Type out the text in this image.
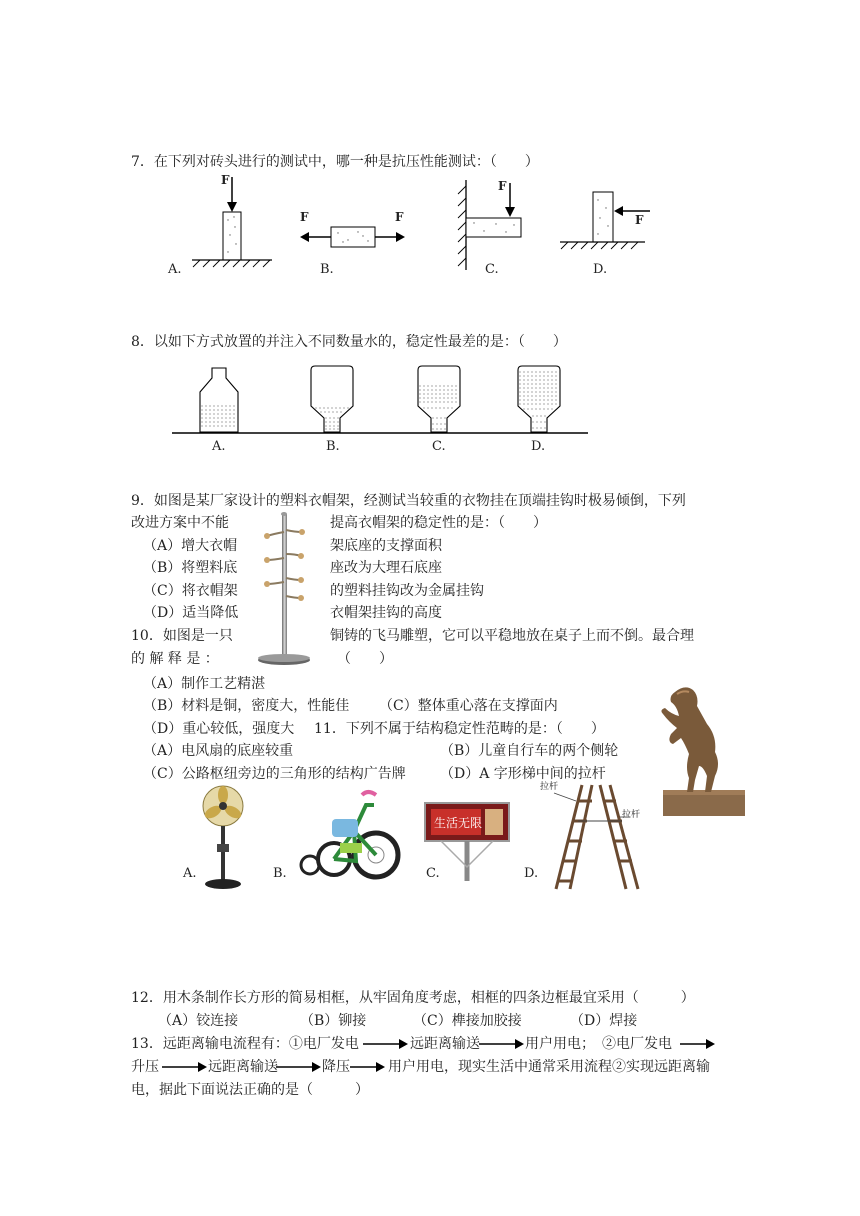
7．在下列对砖头进行的测试中，哪一种是抗压性能测试：（　　）
F
A.
F	F
B.
F
C.
F
D.
8．以如下方式放置的并注入不同数量水的，稳定性最差的是：（　　）
A.	B.	C.	D.
9．如图是某厂家设计的塑料衣帽架，经测试当较重的衣物挂在顶端挂钩时极易倾倒，下列
改进方案中不能	提高衣帽架的稳定性的是：（　　）
（A）增大衣帽	架底座的支撑面积
（B）将塑料底	座改为大理石底座
（C）将衣帽架	的塑料挂钩改为金属挂钩
（D）适当降低	衣帽架挂钩的高度
10．如图是一只	铜铸的飞马雕塑，它可以平稳地放在桌子上而不倒。最合理
的 解 释 是 ：	（　　）
（A）制作工艺精湛
（B）材料是铜，密度大，性能佳 （C）整体重心落在支撑面内
（D）重心较低，强度大 11．下列不属于结构稳定性范畴的是：（　　）
（A）电风扇的底座较重	（B）儿童自行车的两个侧轮
（C）公路枢纽旁边的三角形的结构广告牌 （D）A 字形梯中间的拉杆
A.	B.
生活无限
C.
拉杆
拉杆
D.
12．用木条制作长方形的简易相框，从牢固角度考虑，相框的四条边框最宜采用（　　　）
（A）铰连接	（B）铆接	（C）榫接加胶接	（D）焊接
13．远距离输电流程有：①电厂发电	远距离输送	用户用电；　②电厂发电
升压	远距离输送	降压	用户用电，现实生活中通常采用流程②实现远距离输
电，据此下面说法正确的是（　　　）
